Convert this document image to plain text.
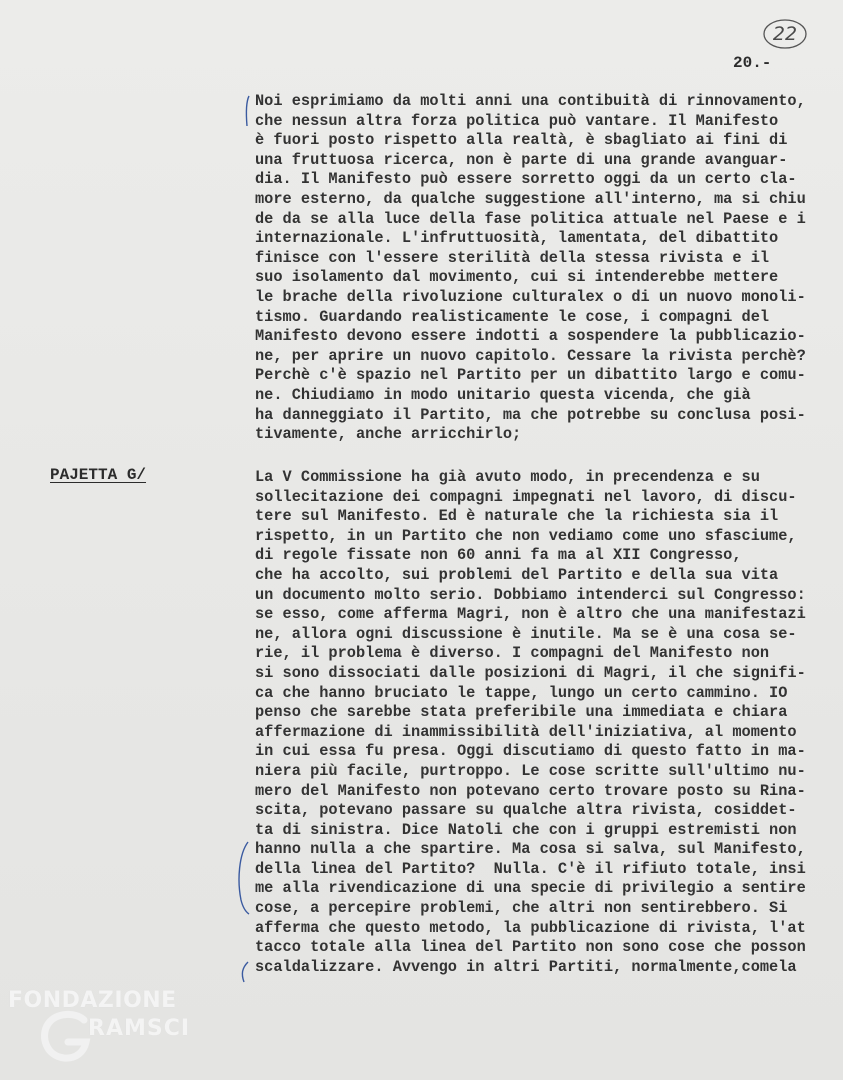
22
20.-

Noi esprimiamo da molti anni una contibuità di rinnovamento,
che nessun altra forza politica può vantare. Il Manifesto
è fuori posto rispetto alla realtà, è sbagliato ai fini di
una fruttuosa ricerca, non è parte di una grande avanguar-
dia. Il Manifesto può essere sorretto oggi da un certo cla-
more esterno, da qualche suggestione all'interno, ma si chiu
de da se alla luce della fase politica attuale nel Paese e i
internazionale. L'infruttuosità, lamentata, del dibattito
finisce con l'essere sterilità della stessa rivista e il
suo isolamento dal movimento, cui si intenderebbe mettere
le brache della rivoluzione culturalex o di un nuovo monoli-
tismo. Guardando realisticamente le cose, i compagni del
Manifesto devono essere indotti a sospendere la pubblicazio-
ne, per aprire un nuovo capitolo. Cessare la rivista perchè?
Perchè c'è spazio nel Partito per un dibattito largo e comu-
ne. Chiudiamo in modo unitario questa vicenda, che già
ha danneggiato il Partito, ma che potrebbe su conclusa posi-
tivamente, anche arricchirlo;

PAJETTA G/	La V Commissione ha già avuto modo, in precendenza e su
sollecitazione dei compagni impegnati nel lavoro, di discu-
tere sul Manifesto. Ed è naturale che la richiesta sia il
rispetto, in un Partito che non vediamo come uno sfasciume,
di regole fissate non 60 anni fa ma al XII Congresso,
che ha accolto, sui problemi del Partito e della sua vita
un documento molto serio. Dobbiamo intenderci sul Congresso:
se esso, come afferma Magri, non è altro che una manifestazi
ne, allora ogni discussione è inutile. Ma se è una cosa se-
rie, il problema è diverso. I compagni del Manifesto non
si sono dissociati dalle posizioni di Magri, il che signifi-
ca che hanno bruciato le tappe, lungo un certo cammino. IO
penso che sarebbe stata preferibile una immediata e chiara
affermazione di inammissibilità dell'iniziativa, al momento
in cui essa fu presa. Oggi discutiamo di questo fatto in ma-
niera più facile, purtroppo. Le cose scritte sull'ultimo nu-
mero del Manifesto non potevano certo trovare posto su Rina-
scita, potevano passare su qualche altra rivista, cosiddet-
ta di sinistra. Dice Natoli che con i gruppi estremisti non
hanno nulla a che spartire. Ma cosa si salva, sul Manifesto,
della linea del Partito?  Nulla. C'è il rifiuto totale, insi
me alla rivendicazione di una specie di privilegio a sentire
cose, a percepire problemi, che altri non sentirebbero. Si
afferma che questo metodo, la pubblicazione di rivista, l'at
tacco totale alla linea del Partito non sono cose che posson
scaldalizzare. Avvengo in altri Partiti, normalmente,comela

FONDAZIONE
RAMSCI
